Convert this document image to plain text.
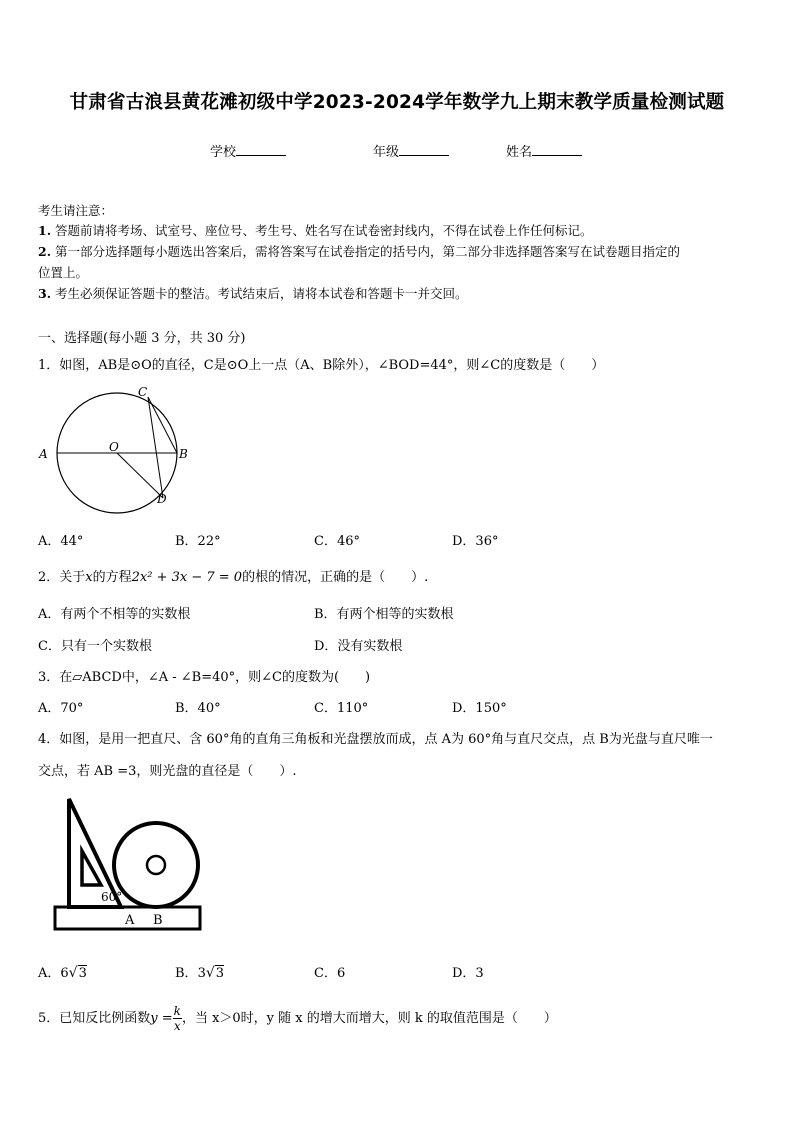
甘肃省古浪县黄花滩初级中学2023-2024学年数学九上期末教学质量检测试题
学校	年级	姓名
考生请注意：
1. 答题前请将考场、试室号、座位号、考生号、姓名写在试卷密封线内，不得在试卷上作任何标记。
2. 第一部分选择题每小题选出答案后，需将答案写在试卷指定的括号内，第二部分非选择题答案写在试卷题目指定的
位置上。
3. 考生必须保证答题卡的整洁。考试结束后，请将本试卷和答题卡一并交回。
一、选择题(每小题 3 分，共 30 分)
1．如图，AB是⊙O的直径，C是⊙O上一点（A、B除外），∠BOD=44°，则∠C的度数是（　　）
A	B
C
D
O
A．44°	B．22°	C．46°	D．36°
2．关于x的方程2x² + 3x − 7 = 0的根的情况，正确的是（　　）.
A．有两个不相等的实数根	B．有两个相等的实数根
C．只有一个实数根	D．没有实数根
3．在▱ABCD中，∠A - ∠B=40°，则∠C的度数为(　　)
A．70°	B．40°	C．110°	D．150°
4．如图，是用一把直尺、含 60°角的直角三角板和光盘摆放而成，点 A为 60°角与直尺交点，点 B为光盘与直尺唯一
交点，若 AB =3，则光盘的直径是（　　）.
60°
A B
A．6√3	B．3√3	C．6	D．3
5．已知反比例函数$y = \frac{k}{x}$ ，当 x＞0时，y 随 x 的增大而增大，则 k 的取值范围是（　　）
